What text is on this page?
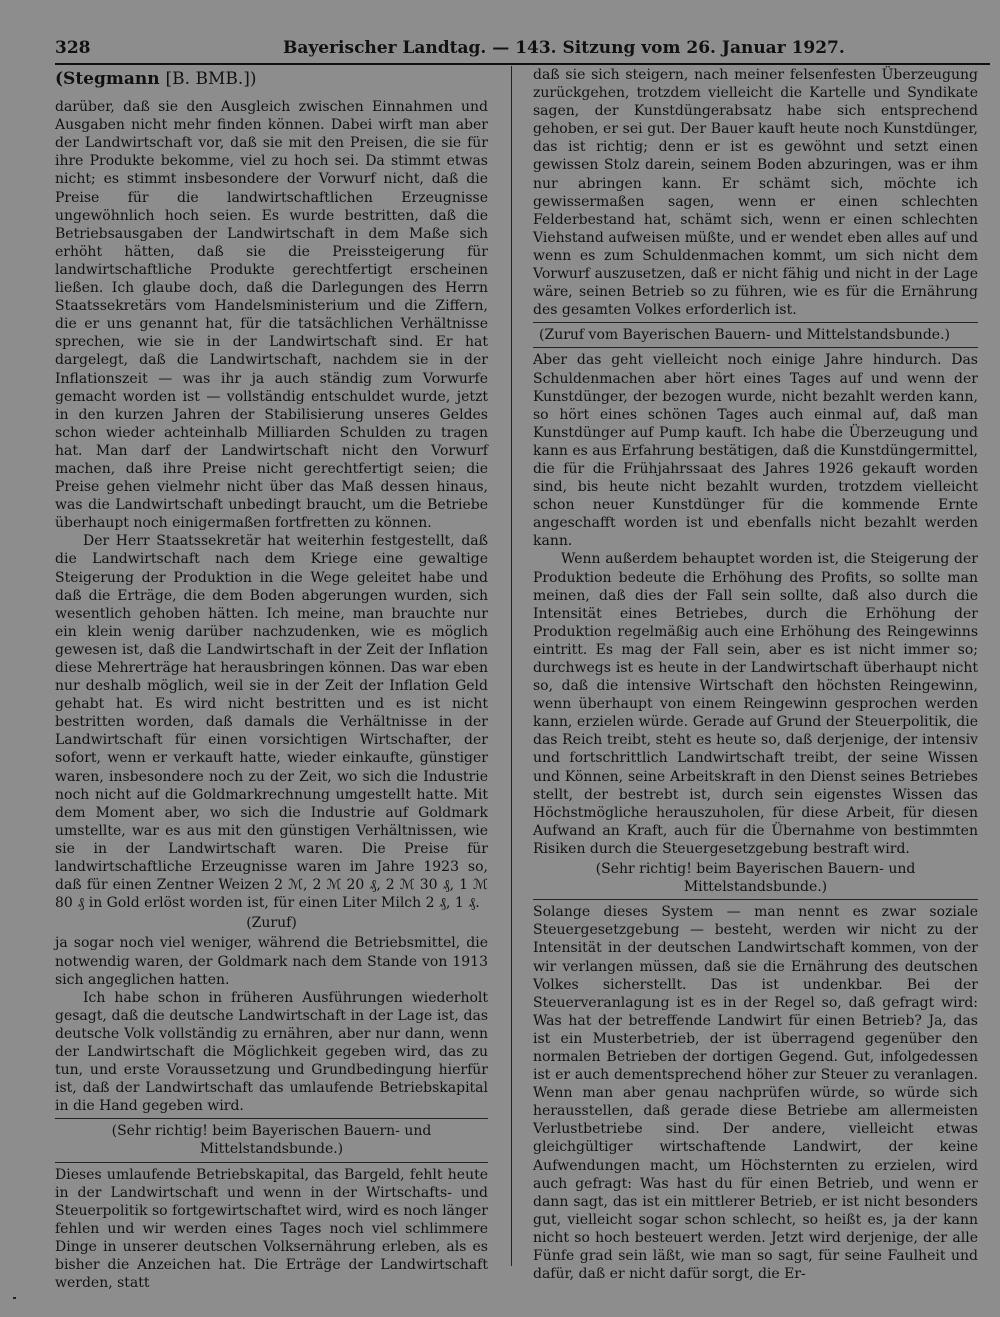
328	Bayerischer Landtag. — 143. Sitzung vom 26. Januar 1927.
(Stegmann [B. BMB.])

darüber, daß sie den Ausgleich zwischen Einnahmen und Ausgaben nicht mehr finden können. Dabei wirft man aber der Landwirtschaft vor, daß sie mit den Preisen, die sie für ihre Produkte bekomme, viel zu hoch sei. Da stimmt etwas nicht; es stimmt insbesondere der Vorwurf nicht, daß die Preise für die landwirtschaftlichen Erzeugnisse ungewöhnlich hoch seien. Es wurde bestritten, daß die Betriebsausgaben der Landwirtschaft in dem Maße sich erhöht hätten, daß sie die Preissteigerung für landwirtschaftliche Produkte gerechtfertigt erscheinen ließen. Ich glaube doch, daß die Darlegungen des Herrn Staatssekretärs vom Handelsministerium und die Ziffern, die er uns genannt hat, für die tatsächlichen Verhältnisse sprechen, wie sie in der Landwirtschaft sind. Er hat dargelegt, daß die Landwirtschaft, nachdem sie in der Inflationszeit — was ihr ja auch ständig zum Vorwurfe gemacht worden ist — vollständig entschuldet wurde, jetzt in den kurzen Jahren der Stabilisierung unseres Geldes schon wieder achteinhalb Milliarden Schulden zu tragen hat. Man darf der Landwirtschaft nicht den Vorwurf machen, daß ihre Preise nicht gerechtfertigt seien; die Preise gehen vielmehr nicht über das Maß dessen hinaus, was die Landwirtschaft unbedingt braucht, um die Betriebe überhaupt noch einigermaßen fortfretten zu können.

Der Herr Staatssekretär hat weiterhin festgestellt, daß die Landwirtschaft nach dem Kriege eine gewaltige Steigerung der Produktion in die Wege geleitet habe und daß die Erträge, die dem Boden abgerungen wurden, sich wesentlich gehoben hätten. Ich meine, man brauchte nur ein klein wenig darüber nachzudenken, wie es möglich gewesen ist, daß die Landwirtschaft in der Zeit der Inflation diese Mehrerträge hat herausbringen können. Das war eben nur deshalb möglich, weil sie in der Zeit der Inflation Geld gehabt hat. Es wird nicht bestritten und es ist nicht bestritten worden, daß damals die Verhältnisse in der Landwirtschaft für einen vorsichtigen Wirtschafter, der sofort, wenn er verkauft hatte, wieder einkaufte, günstiger waren, insbesondere noch zu der Zeit, wo sich die Industrie noch nicht auf die Goldmarkrechnung umgestellt hatte. Mit dem Moment aber, wo sich die Industrie auf Goldmark umstellte, war es aus mit den günstigen Verhältnissen, wie sie in der Landwirtschaft waren. Die Preise für landwirtschaftliche Erzeugnisse waren im Jahre 1923 so, daß für einen Zentner Weizen 2 ℳ, 2 ℳ 20 ₰, 2 ℳ 30 ₰, 1 ℳ 80 ₰ in Gold erlöst worden ist, für einen Liter Milch 2 ₰, 1 ₰.

(Zuruf)

ja sogar noch viel weniger, während die Betriebsmittel, die notwendig waren, der Goldmark nach dem Stande von 1913 sich angeglichen hatten.

Ich habe schon in früheren Ausführungen wiederholt gesagt, daß die deutsche Landwirtschaft in der Lage ist, das deutsche Volk vollständig zu ernähren, aber nur dann, wenn der Landwirtschaft die Möglichkeit gegeben wird, das zu tun, und erste Voraussetzung und Grundbedingung hierfür ist, daß der Landwirtschaft das umlaufende Betriebskapital in die Hand gegeben wird.

(Sehr richtig! beim Bayerischen Bauern- und Mittelstandsbunde.)

Dieses umlaufende Betriebskapital, das Bargeld, fehlt heute in der Landwirtschaft und wenn in der Wirtschafts- und Steuerpolitik so fortgewirtschaftet wird, wird es noch länger fehlen und wir werden eines Tages noch viel schlimmere Dinge in unserer deutschen Volksernährung erleben, als es bisher die Anzeichen hat. Die Erträge der Landwirtschaft werden, statt

daß sie sich steigern, nach meiner felsenfesten Überzeugung zurückgehen, trotzdem vielleicht die Kartelle und Syndikate sagen, der Kunstdüngerabsatz habe sich entsprechend gehoben, er sei gut. Der Bauer kauft heute noch Kunstdünger, das ist richtig; denn er ist es gewöhnt und setzt einen gewissen Stolz darein, seinem Boden abzuringen, was er ihm nur abringen kann. Er schämt sich, möchte ich gewissermaßen sagen, wenn er einen schlechten Felderbestand hat, schämt sich, wenn er einen schlechten Viehstand aufweisen müßte, und er wendet eben alles auf und wenn es zum Schuldenmachen kommt, um sich nicht dem Vorwurf auszusetzen, daß er nicht fähig und nicht in der Lage wäre, seinen Betrieb so zu führen, wie es für die Ernährung des gesamten Volkes erforderlich ist.

(Zuruf vom Bayerischen Bauern- und Mittelstandsbunde.)

Aber das geht vielleicht noch einige Jahre hindurch. Das Schuldenmachen aber hört eines Tages auf und wenn der Kunstdünger, der bezogen wurde, nicht bezahlt werden kann, so hört eines schönen Tages auch einmal auf, daß man Kunstdünger auf Pump kauft. Ich habe die Überzeugung und kann es aus Erfahrung bestätigen, daß die Kunstdüngermittel, die für die Frühjahrssaat des Jahres 1926 gekauft worden sind, bis heute nicht bezahlt wurden, trotzdem vielleicht schon neuer Kunstdünger für die kommende Ernte angeschafft worden ist und ebenfalls nicht bezahlt werden kann.

Wenn außerdem behauptet worden ist, die Steigerung der Produktion bedeute die Erhöhung des Profits, so sollte man meinen, daß dies der Fall sein sollte, daß also durch die Intensität eines Betriebes, durch die Erhöhung der Produktion regelmäßig auch eine Erhöhung des Reingewinns eintritt. Es mag der Fall sein, aber es ist nicht immer so; durchwegs ist es heute in der Landwirtschaft überhaupt nicht so, daß die intensive Wirtschaft den höchsten Reingewinn, wenn überhaupt von einem Reingewinn gesprochen werden kann, erzielen würde. Gerade auf Grund der Steuerpolitik, die das Reich treibt, steht es heute so, daß derjenige, der intensiv und fortschrittlich Landwirtschaft treibt, der seine Wissen und Können, seine Arbeitskraft in den Dienst seines Betriebes stellt, der bestrebt ist, durch sein eigenstes Wissen das Höchstmögliche herauszuholen, für diese Arbeit, für diesen Aufwand an Kraft, auch für die Übernahme von bestimmten Risiken durch die Steuergesetzgebung bestraft wird.

(Sehr richtig! beim Bayerischen Bauern- und Mittelstandsbunde.)

Solange dieses System — man nennt es zwar soziale Steuergesetzgebung — besteht, werden wir nicht zu der Intensität in der deutschen Landwirtschaft kommen, von der wir verlangen müssen, daß sie die Ernährung des deutschen Volkes sicherstellt. Das ist undenkbar. Bei der Steuerveranlagung ist es in der Regel so, daß gefragt wird: Was hat der betreffende Landwirt für einen Betrieb? Ja, das ist ein Musterbetrieb, der ist überragend gegenüber den normalen Betrieben der dortigen Gegend. Gut, infolgedessen ist er auch dementsprechend höher zur Steuer zu veranlagen. Wenn man aber genau nachprüfen würde, so würde sich herausstellen, daß gerade diese Betriebe am allermeisten Verlustbetriebe sind. Der andere, vielleicht etwas gleichgültiger wirtschaftende Landwirt, der keine Aufwendungen macht, um Höchsternten zu erzielen, wird auch gefragt: Was hast du für einen Betrieb, und wenn er dann sagt, das ist ein mittlerer Betrieb, er ist nicht besonders gut, vielleicht sogar schon schlecht, so heißt es, ja der kann nicht so hoch besteuert werden. Jetzt wird derjenige, der alle Fünfe grad sein läßt, wie man so sagt, für seine Faulheit und dafür, daß er nicht dafür sorgt, die Er-
